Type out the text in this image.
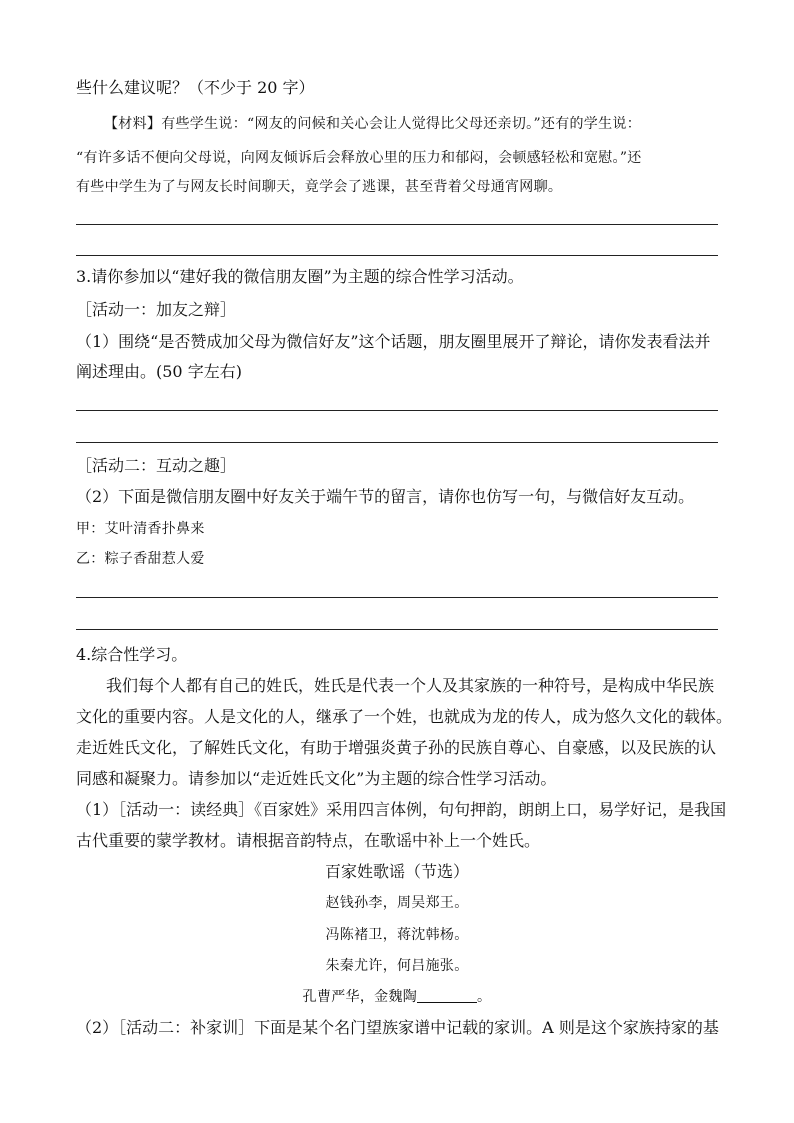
些什么建议呢？（不少于 20 字）
【材料】有些学生说：“网友的问候和关心会让人觉得比父母还亲切。”还有的学生说：
“有许多话不便向父母说，向网友倾诉后会释放心里的压力和郁闷，会顿感轻松和宽慰。”还
有些中学生为了与网友长时间聊天，竟学会了逃课，甚至背着父母通宵网聊。
3.请你参加以“建好我的微信朋友圈”为主题的综合性学习活动。
［活动一：加友之辩］
（1）围绕“是否赞成加父母为微信好友”这个话题，朋友圈里展开了辩论，请你发表看法并
阐述理由。(50 字左右)
［活动二：互动之趣］
（2）下面是微信朋友圈中好友关于端午节的留言，请你也仿写一句，与微信好友互动。
甲：艾叶清香扑鼻来
乙：粽子香甜惹人爱
4.综合性学习。
我们每个人都有自己的姓氏，姓氏是代表一个人及其家族的一种符号，是构成中华民族
文化的重要内容。人是文化的人，继承了一个姓，也就成为龙的传人，成为悠久文化的载体。
走近姓氏文化，了解姓氏文化，有助于增强炎黄子孙的民族自尊心、自豪感，以及民族的认
同感和凝聚力。请参加以“走近姓氏文化”为主题的综合性学习活动。
（1）［活动一：读经典］《百家姓》采用四言体例，句句押韵，朗朗上口，易学好记，是我国
古代重要的蒙学教材。请根据音韵特点，在歌谣中补上一个姓氏。
百家姓歌谣（节选）
赵钱孙李，周吴郑王。
冯陈褚卫，蒋沈韩杨。
朱秦尤许，何吕施张。
孔曹严华，金魏陶	。
（2）［活动二：补家训］下面是某个名门望族家谱中记载的家训。A 则是这个家族持家的基
